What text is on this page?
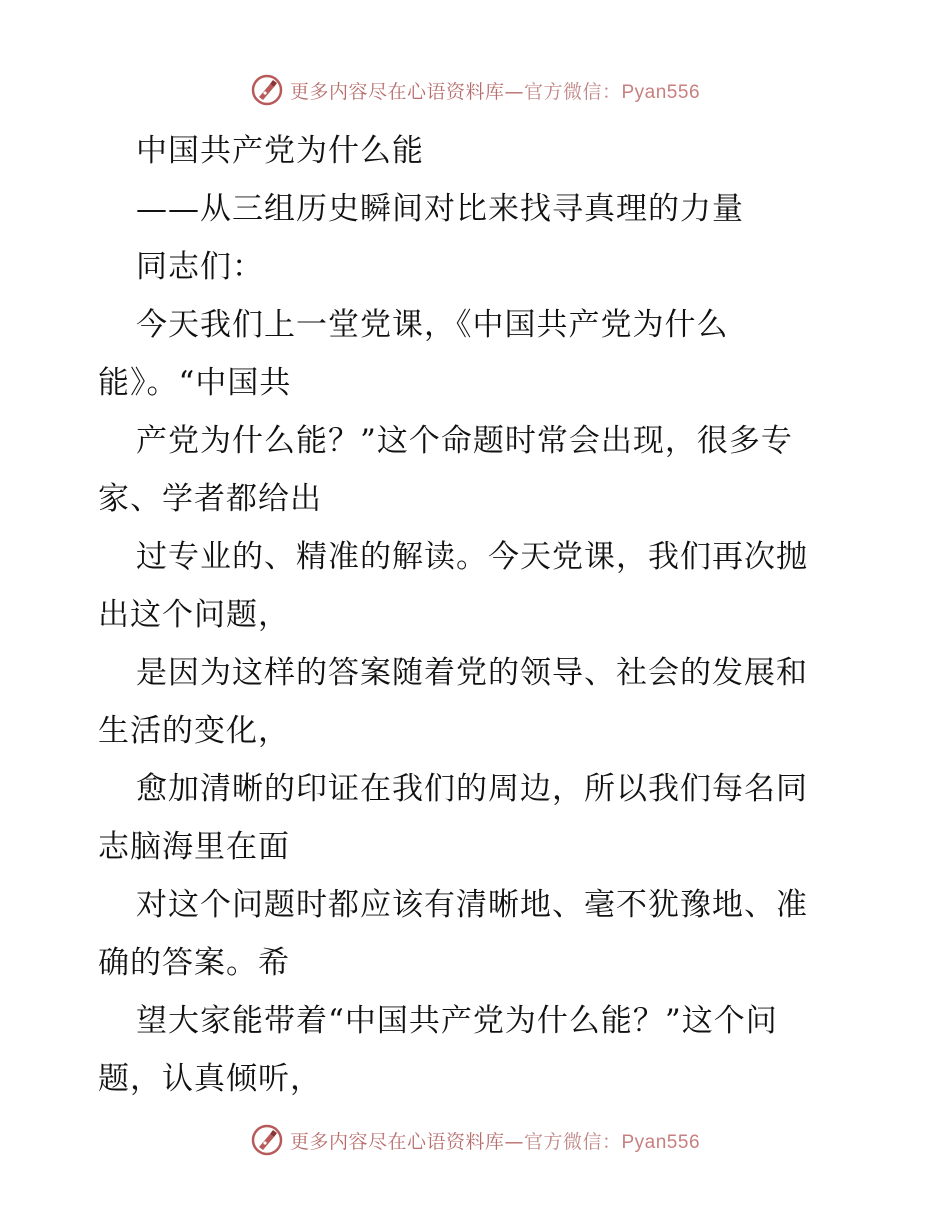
更多内容尽在心语资料库—官方微信：Pyan556
中国共产党为什么能
——从三组历史瞬间对比来找寻真理的力量
同志们：
今天我们上一堂党课，《中国共产党为什么
能》。“中国共
产党为什么能？”这个命题时常会出现，很多专
家、学者都给出
过专业的、精准的解读。今天党课，我们再次抛
出这个问题，
是因为这样的答案随着党的领导、社会的发展和
生活的变化，
愈加清晰的印证在我们的周边，所以我们每名同
志脑海里在面
对这个问题时都应该有清晰地、毫不犹豫地、准
确的答案。希
望大家能带着“中国共产党为什么能？”这个问
题，认真倾听，
更多内容尽在心语资料库—官方微信：Pyan556
